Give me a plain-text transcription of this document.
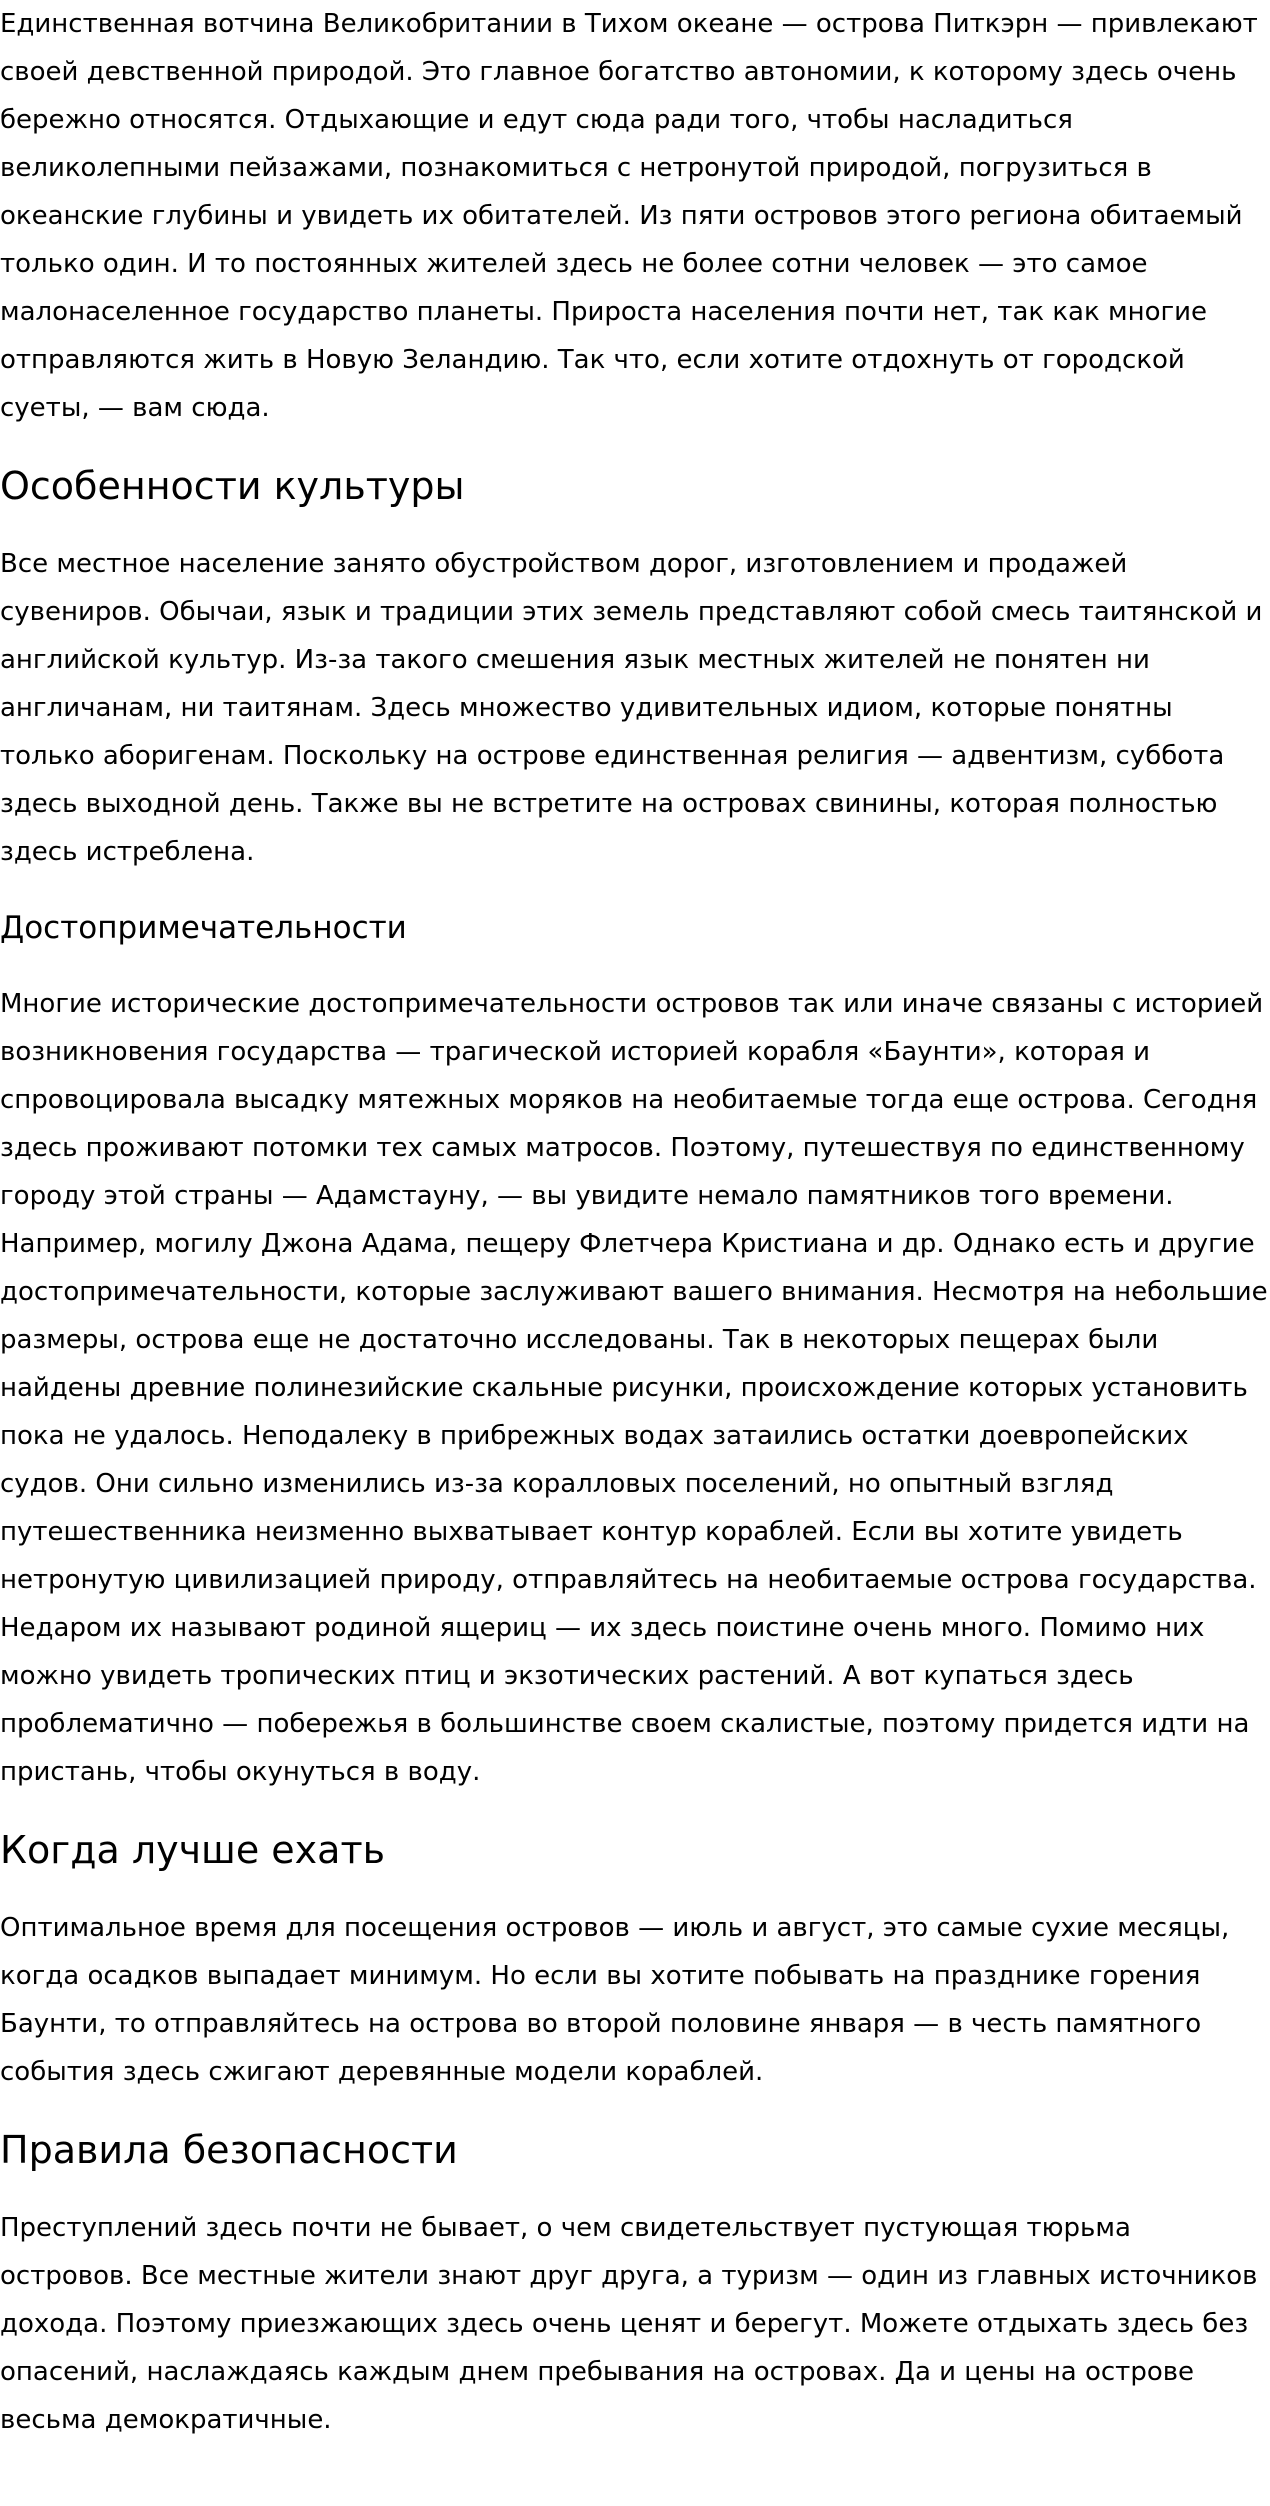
Единственная вотчина Великобритании в Тихом океане — острова Питкэрн — привлекают своей девственной природой. Это главное богатство автономии, к которому здесь очень бережно относятся. Отдыхающие и едут сюда ради того, чтобы насладиться великолепными пейзажами, познакомиться с нетронутой природой, погрузиться в океанские глубины и увидеть их обитателей. Из пяти островов этого региона обитаемый только один. И то постоянных жителей здесь не более сотни человек — это самое малонаселенное государство планеты. Прироста населения почти нет, так как многие отправляются жить в Новую Зеландию. Так что, если хотите отдохнуть от городской суеты, — вам сюда.

Особенности культуры

Все местное население занято обустройством дорог, изготовлением и продажей сувениров. Обычаи, язык и традиции этих земель представляют собой смесь таитянской и английской культур. Из-за такого смешения язык местных жителей не понятен ни англичанам, ни таитянам. Здесь множество удивительных идиом, которые понятны только аборигенам. Поскольку на острове единственная религия — адвентизм, суббота здесь выходной день. Также вы не встретите на островах свинины, которая полностью здесь истреблена.

Достопримечательности

Многие исторические достопримечательности островов так или иначе связаны с историей возникновения государства — трагической историей корабля «Баунти», которая и спровоцировала высадку мятежных моряков на необитаемые тогда еще острова. Сегодня здесь проживают потомки тех самых матросов. Поэтому, путешествуя по единственному городу этой страны — Адамстауну, — вы увидите немало памятников того времени. Например, могилу Джона Адама, пещеру Флетчера Кристиана и др. Однако есть и другие достопримечательности, которые заслуживают вашего внимания. Несмотря на небольшие размеры, острова еще не достаточно исследованы. Так в некоторых пещерах были найдены древние полинезийские скальные рисунки, происхождение которых установить пока не удалось. Неподалеку в прибрежных водах затаились остатки доевропейских судов. Они сильно изменились из-за коралловых поселений, но опытный взгляд путешественника неизменно выхватывает контур кораблей. Если вы хотите увидеть нетронутую цивилизацией природу, отправляйтесь на необитаемые острова государства. Недаром их называют родиной ящериц — их здесь поистине очень много. Помимо них можно увидеть тропических птиц и экзотических растений. А вот купаться здесь проблематично — побережья в большинстве своем скалистые, поэтому придется идти на пристань, чтобы окунуться в воду.

Когда лучше ехать

Оптимальное время для посещения островов — июль и август, это самые сухие месяцы, когда осадков выпадает минимум. Но если вы хотите побывать на празднике горения Баунти, то отправляйтесь на острова во второй половине января — в честь памятного события здесь сжигают деревянные модели кораблей.

Правила безопасности

Преступлений здесь почти не бывает, о чем свидетельствует пустующая тюрьма островов. Все местные жители знают друг друга, а туризм — один из главных источников дохода. Поэтому приезжающих здесь очень ценят и берегут. Можете отдыхать здесь без опасений, наслаждаясь каждым днем пребывания на островах. Да и цены на острове весьма демократичные.
